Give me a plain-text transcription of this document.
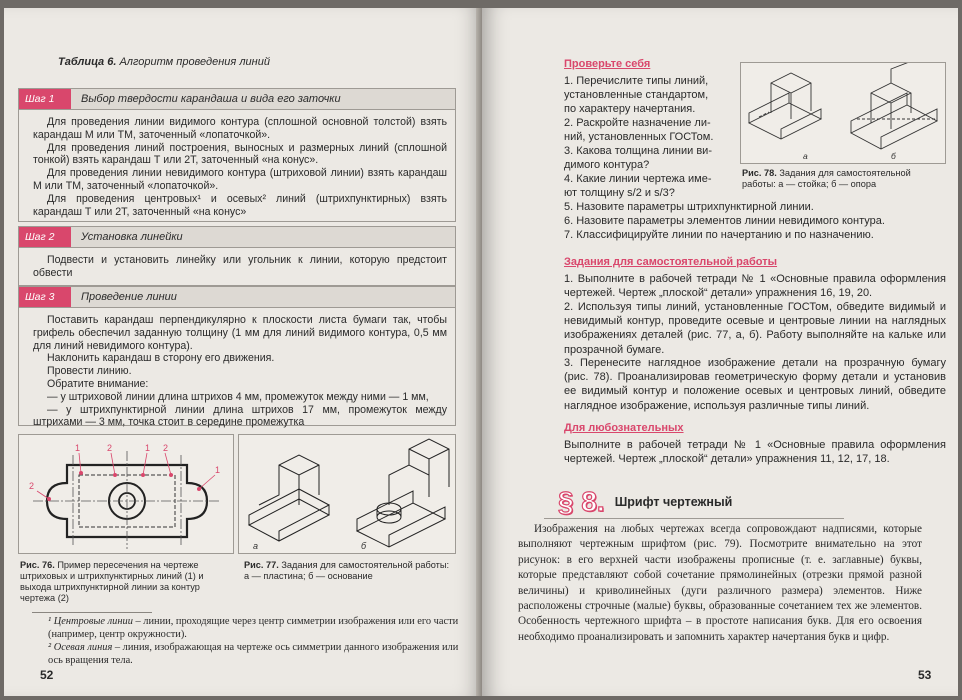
Таблица 6. Алгоритм проведения линий
Шаг 1	Выбор твердости карандаша и вида его заточки

Для проведения линии видимого контура (сплошной основной толстой) взять карандаш М или ТМ, заточенный «лопаточкой».

Для проведения линий построения, выносных и размерных линий (сплошной тонкой) взять карандаш Т или 2Т, заточенный «на конус».

Для проведения линии невидимого контура (штриховой линии) взять карандаш М или ТМ, заточенный «лопаточкой».

Для проведения центровых¹ и осевых² линий (штрихпунктирных) взять карандаш Т или 2Т, заточенный «на конус»

Шаг 2	Установка линейки

Подвести и установить линейку или угольник к линии, которую предстоит обвести

Шаг 3	Проведение линии

Поставить карандаш перпендикулярно к плоскости листа бумаги так, чтобы грифель обеспечил заданную толщину (1 мм для линий видимого контура, 0,5 мм для линий невидимого контура).

Наклонить карандаш в сторону его движения.

Провести линию.

Обратите внимание:

— у штриховой линии длина штрихов 4 мм, промежуток между ними — 1 мм,

— у штрихпунктирной линии длина штрихов 17 мм, промежуток между штрихами — 3 мм, точка стоит в середине промежутка

1	2	1 2
1
2
а	б
Рис. 76. Пример пересечения на чертеже штриховых и штрихпунктирных линий (1) и выхода штрихпунктирной линии за контур чертежа (2)
Рис. 77. Задания для самостоятельной работы: а — пластина; б — основание
¹ Центровые линии – линии, проходящие через центр симметрии изображения или его части (например, центр окружности).
² Осевая линия – линия, изображающая на чертеже ось симметрии данного изображения или ось вращения тела.
52
Проверьте себя
1. Перечислите типы линий,
установленные стандартом,
по характеру начертания.
2. Раскройте назначение ли-
ний, установленных ГОСТом.
3. Какова толщина линии ви-
димого контура?
4. Какие линии чертежа име-
ют толщину s/2 и s/3?
5. Назовите параметры штрихпунктирной линии.
6. Назовите параметры элементов линии невидимого контура.
7. Классифицируйте линии по начертанию и по назначению.
а	б
Рис. 78. Задания для самостоятельной работы: а — стойка; б — опора
Задания для самостоятельной работы
1. Выполните в рабочей тетради № 1 «Основные правила оформления чертежей. Чертеж „плоской“ детали» упражнения 16, 19, 20.
2. Используя типы линий, установленные ГОСТом, обведите видимый и невидимый контур, проведите осевые и центровые линии на наглядных изображениях деталей (рис. 77, а, б). Работу выполняйте на кальке или прозрачной бумаге.
3. Перенесите наглядное изображение детали на прозрачную бумагу (рис. 78). Проанализировав геометрическую форму детали и установив ее видимый контур и положение осевых и центровых линий, обведите наглядное изображение, используя различные типы линий.
Для любознательных
Выполните в рабочей тетради № 1 «Основные правила оформления чертежей. Чертеж „плоской“ детали» упражнения 11, 12, 17, 18.
§ 8. Шрифт чертежный
Изображения на любых чертежах всегда сопровождают надписями, которые выполняют чертежным шрифтом (рис. 79). Посмотрите внимательно на этот рисунок: в его верхней части изображены прописные (т. е. заглавные) буквы, которые представляют собой сочетание прямолинейных (отрезки прямой разной величины) и криволинейных (дуги различного размера) элементов. Ниже расположены строчные (малые) буквы, образованные сочетанием тех же элементов. Особенность чертежного шрифта – в простоте написания букв. Для его освоения необходимо проанализировать и запомнить характер начертания букв и цифр.
53
